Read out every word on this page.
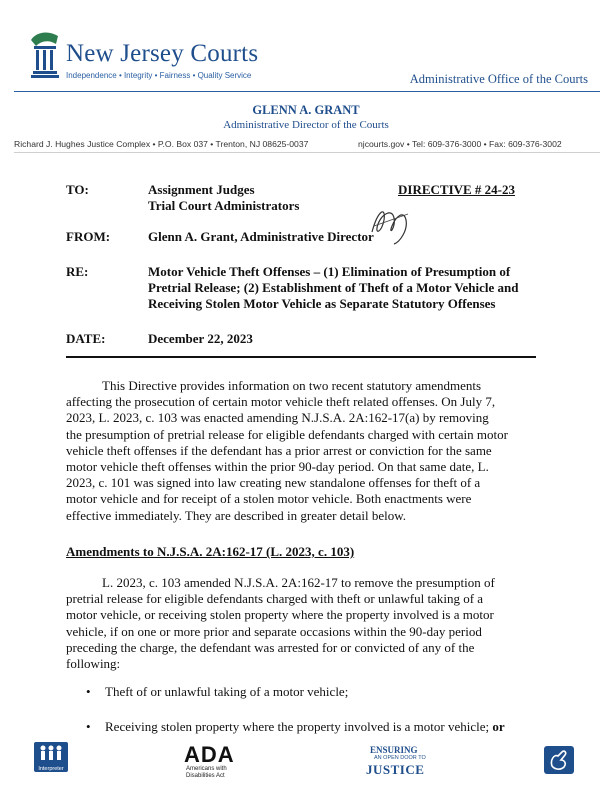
New Jersey Courts
Independence • Integrity • Fairness • Quality Service	Administrative Office of the Courts
GLENN A. GRANT
Administrative Director of the Courts
Richard J. Hughes Justice Complex • P.O. Box 037 • Trenton, NJ 08625-0037	njcourts.gov • Tel: 609-376-3000 • Fax: 609-376-3002
TO:	Assignment Judges
Trial Court Administrators
DIRECTIVE # 24-23
FROM:	Glenn A. Grant, Administrative Director
RE:	Motor Vehicle Theft Offenses – (1) Elimination of Presumption of
Pretrial Release; (2) Establishment of Theft of a Motor Vehicle and
Receiving Stolen Motor Vehicle as Separate Statutory Offenses
DATE:	December 22, 2023
This Directive provides information on two recent statutory amendments
affecting the prosecution of certain motor vehicle theft related offenses. On July 7,
2023, L. 2023, c. 103 was enacted amending N.J.S.A. 2A:162-17(a) by removing
the presumption of pretrial release for eligible defendants charged with certain motor
vehicle theft offenses if the defendant has a prior arrest or conviction for the same
motor vehicle theft offenses within the prior 90-day period. On that same date, L.
2023, c. 101 was signed into law creating new standalone offenses for theft of a
motor vehicle and for receipt of a stolen motor vehicle. Both enactments were
effective immediately. They are described in greater detail below.
Amendments to N.J.S.A. 2A:162-17 (L. 2023, c. 103)
L. 2023, c. 103 amended N.J.S.A. 2A:162-17 to remove the presumption of
pretrial release for eligible defendants charged with theft or unlawful taking of a
motor vehicle, or receiving stolen property where the property involved is a motor
vehicle, if on one or more prior and separate occasions within the 90-day period
preceding the charge, the defendant was arrested for or convicted of any of the
following:
• Theft of or unlawful taking of a motor vehicle;
• Receiving stolen property where the property involved is a motor vehicle; or
Interpreter
ADA
Americans with Disabilities Act
ENSURING
AN OPEN DOOR TO
JUSTICE
